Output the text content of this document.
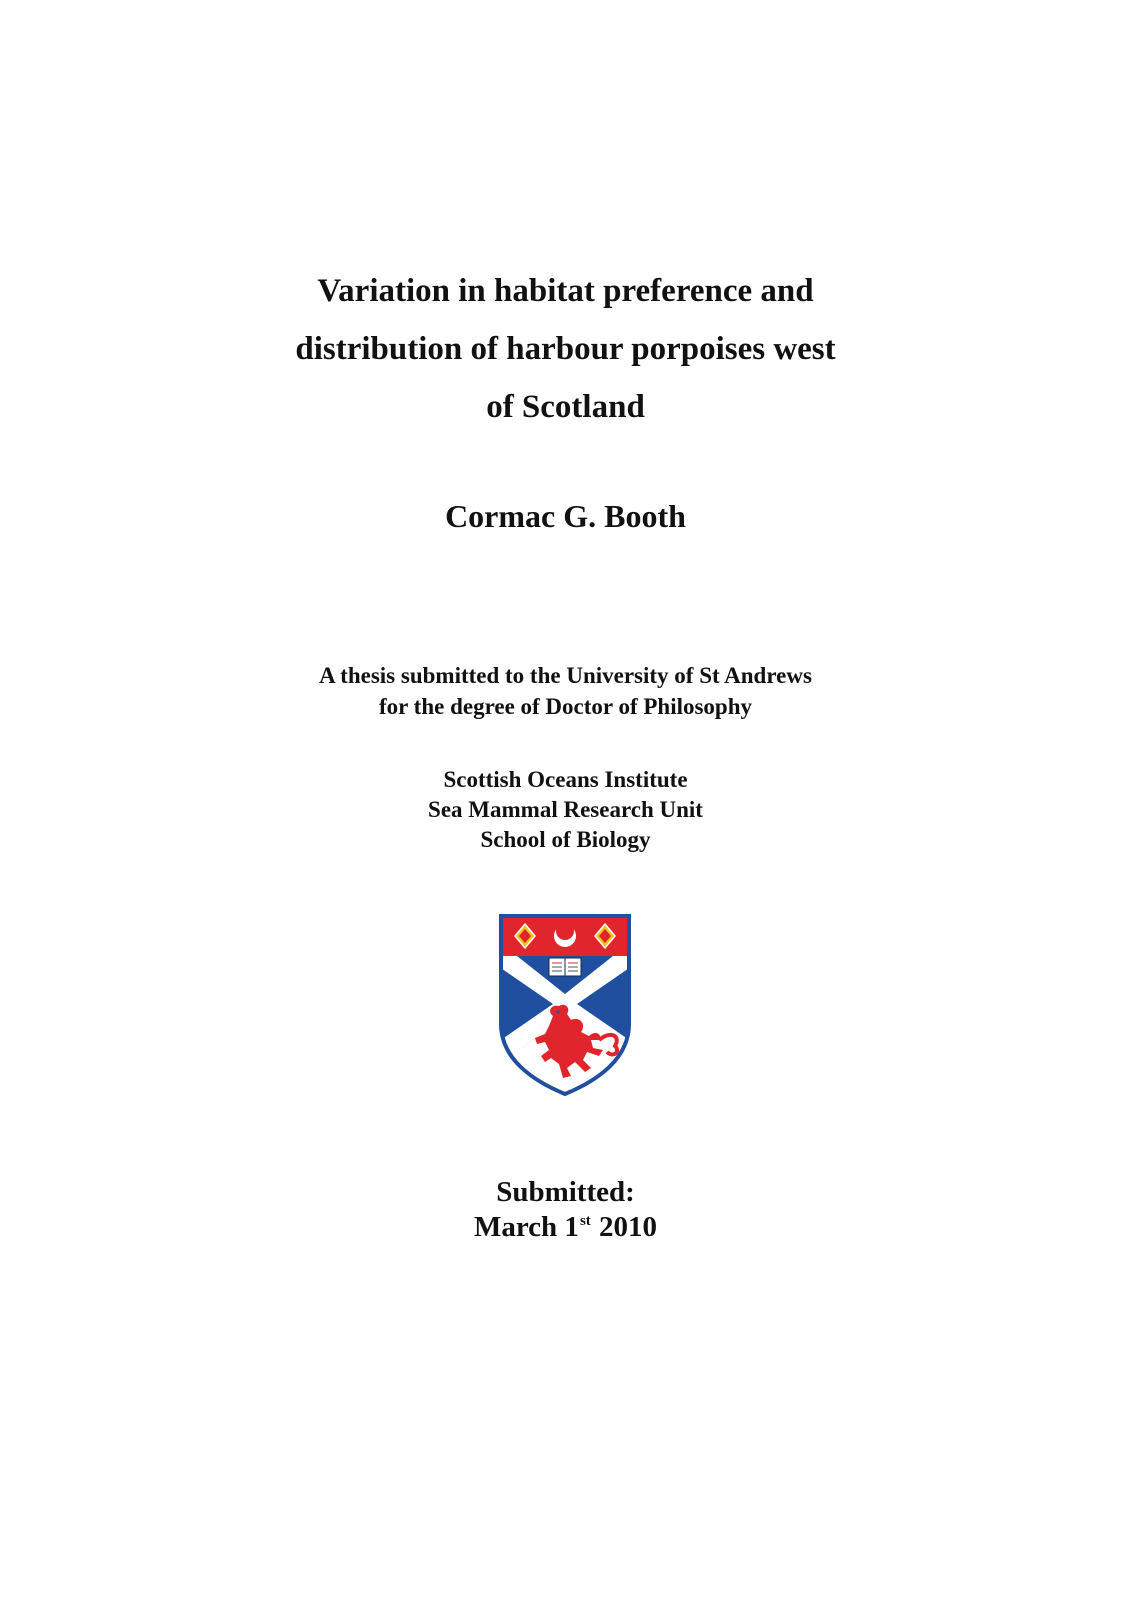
Variation in habitat preference and
distribution of harbour porpoises west
of Scotland
Cormac G. Booth
A thesis submitted to the University of St Andrews
for the degree of Doctor of Philosophy
Scottish Oceans Institute
Sea Mammal Research Unit
School of Biology
Submitted:
March 1st 2010
